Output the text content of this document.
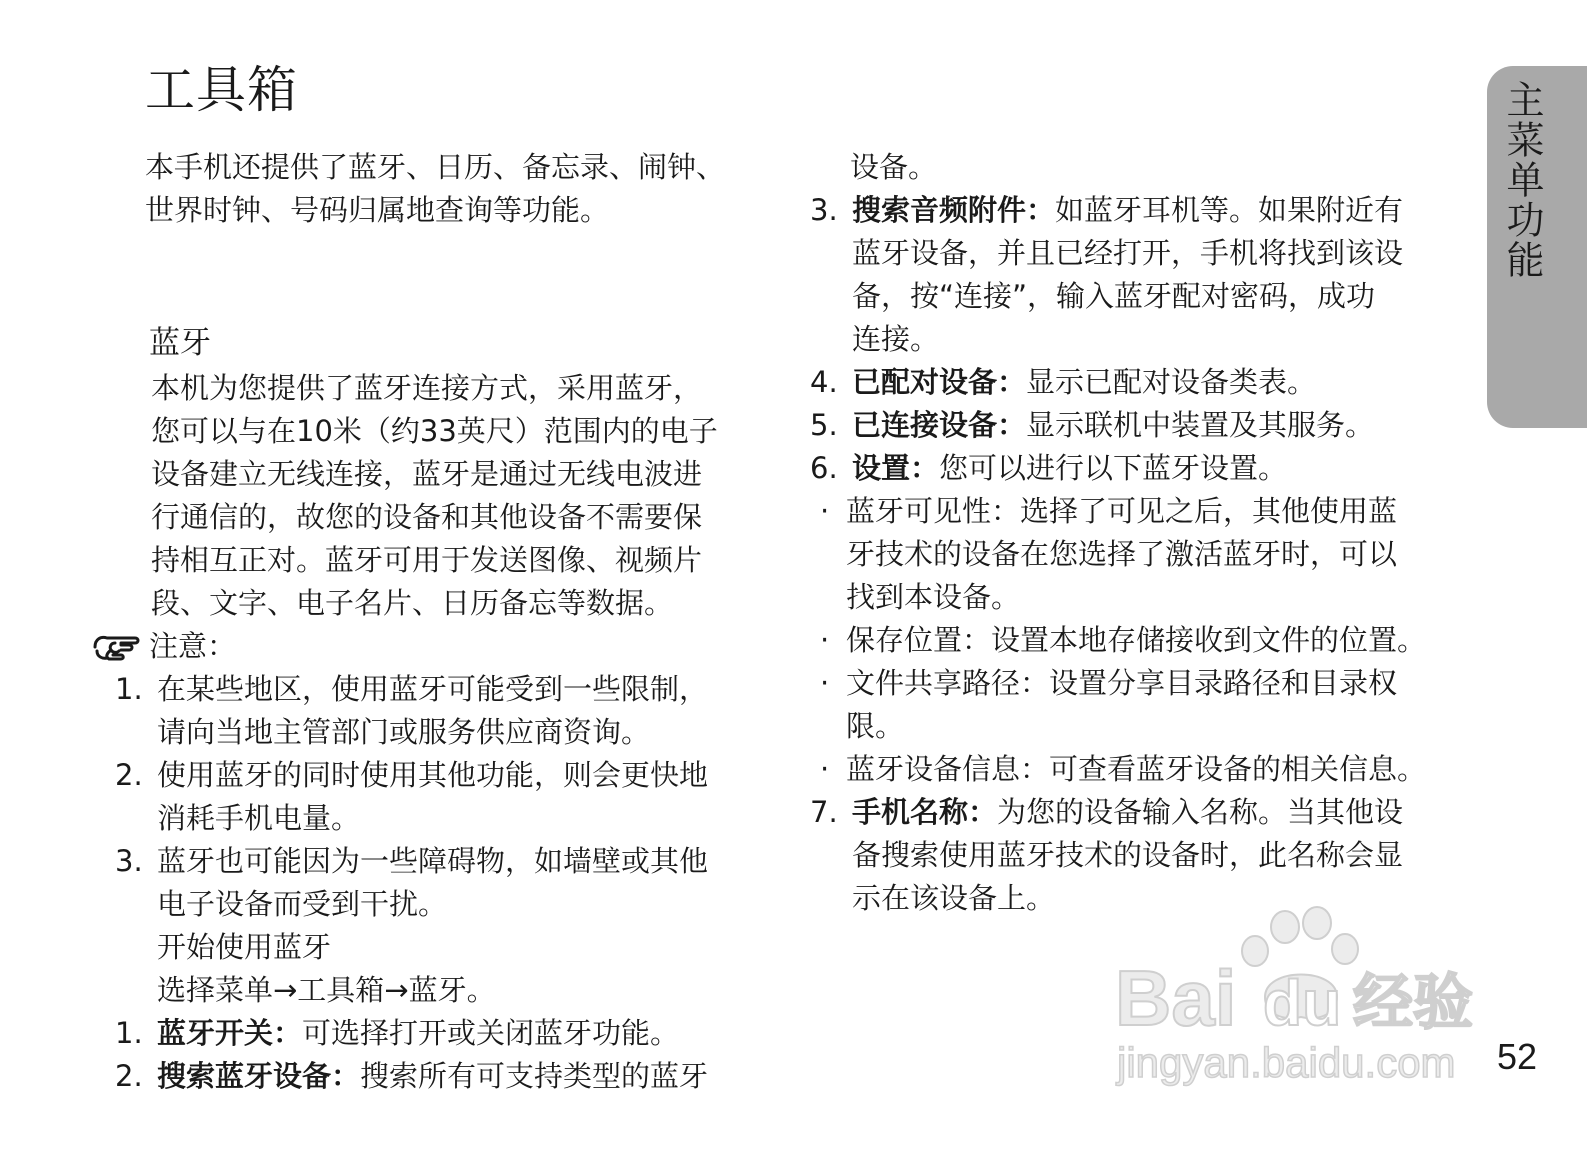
工具箱

本手机还提供了蓝牙、日历、备忘录、闹钟、

世界时钟、号码归属地查询等功能。

蓝牙

本机为您提供了蓝牙连接方式，采用蓝牙，

您可以与在10米（约33英尺）范围内的电子

设备建立无线连接，蓝牙是通过无线电波进

行通信的，故您的设备和其他设备不需要保

持相互正对。蓝牙可用于发送图像、视频片

段、文字、电子名片、日历备忘等数据。

注意：
1. 在某些地区，使用蓝牙可能受到一些限制，

请向当地主管部门或服务供应商资询。

2. 使用蓝牙的同时使用其他功能，则会更快地

消耗手机电量。

3. 蓝牙也可能因为一些障碍物，如墙壁或其他

电子设备而受到干扰。

开始使用蓝牙

选择菜单→工具箱→蓝牙。

1. 蓝牙开关：可选择打开或关闭蓝牙功能。

2. 搜索蓝牙设备：搜索所有可支持类型的蓝牙

设备。

3. 搜索音频附件：如蓝牙耳机等。如果附近有

蓝牙设备，并且已经打开，手机将找到该设

备，按“连接”，输入蓝牙配对密码，成功

连接。

4. 已配对设备：显示已配对设备类表。

5. 已连接设备：显示联机中装置及其服务。

6. 设置：您可以进行以下蓝牙设置。

· 蓝牙可见性：选择了可见之后，其他使用蓝

牙技术的设备在您选择了激活蓝牙时，可以

找到本设备。

· 保存位置：设置本地存储接收到文件的位置。

· 文件共享路径：设置分享目录路径和目录权

限。

· 蓝牙设备信息：可查看蓝牙设备的相关信息。

7. 手机名称：为您的设备输入名称。当其他设

备搜索使用蓝牙技术的设备时，此名称会显

示在该设备上。

主菜单功能
Bai du 经验
jingyan.baidu.com 52
